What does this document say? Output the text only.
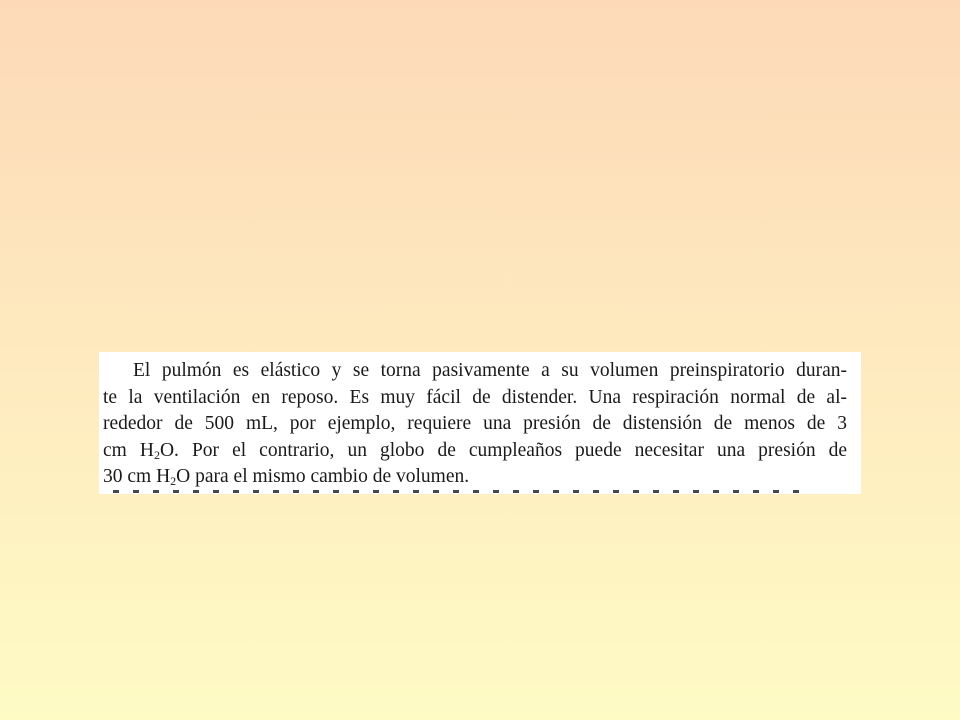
El pulmón es elástico y se torna pasivamente a su volumen preinspiratorio duran-
te la ventilación en reposo. Es muy fácil de distender. Una respiración normal de al-
rededor de 500 mL, por ejemplo, requiere una presión de distensión de menos de 3
cm $H_2O$. Por el contrario, un globo de cumpleaños puede necesitar una presión de
30 cm $H_2O$ para el mismo cambio de volumen.
